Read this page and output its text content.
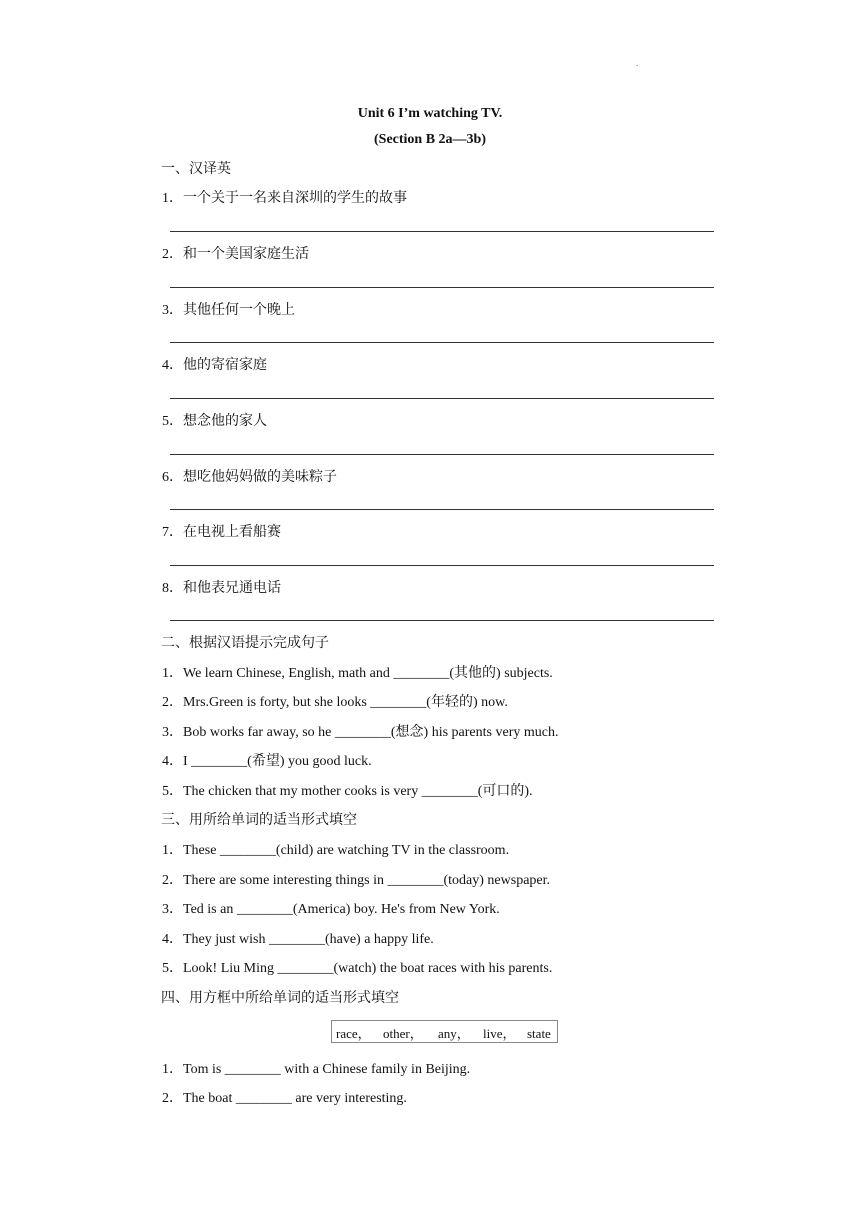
.
Unit 6 I’m watching TV.
(Section B 2a—3b)
一、汉译英
1．一个关于一名来自深圳的学生的故事
2．和一个美国家庭生活
3．其他任何一个晚上
4．他的寄宿家庭
5．想念他的家人
6．想吃他妈妈做的美味粽子
7．在电视上看船赛
8．和他表兄通电话
二、根据汉语提示完成句子
1．We learn Chinese, English, math and ________(其他的) subjects.
2．Mrs.Green is forty, but she looks ________(年轻的) now.
3．Bob works far away, so he ________(想念) his parents very much.
4．I ________(希望) you good luck.
5．The chicken that my mother cooks is very ________(可口的).
三、用所给单词的适当形式填空
1．These ________(child) are watching TV in the classroom.
2．There are some interesting things in ________(today) newspaper.
3．Ted is an ________(America) boy. He's from New York.
4．They just wish ________(have) a happy life.
5．Look! Liu Ming ________(watch) the boat races with his parents.
四、用方框中所给单词的适当形式填空
race， other， any， live， state
1．Tom is ________ with a Chinese family in Beijing.
2．The boat ________ are very interesting.
